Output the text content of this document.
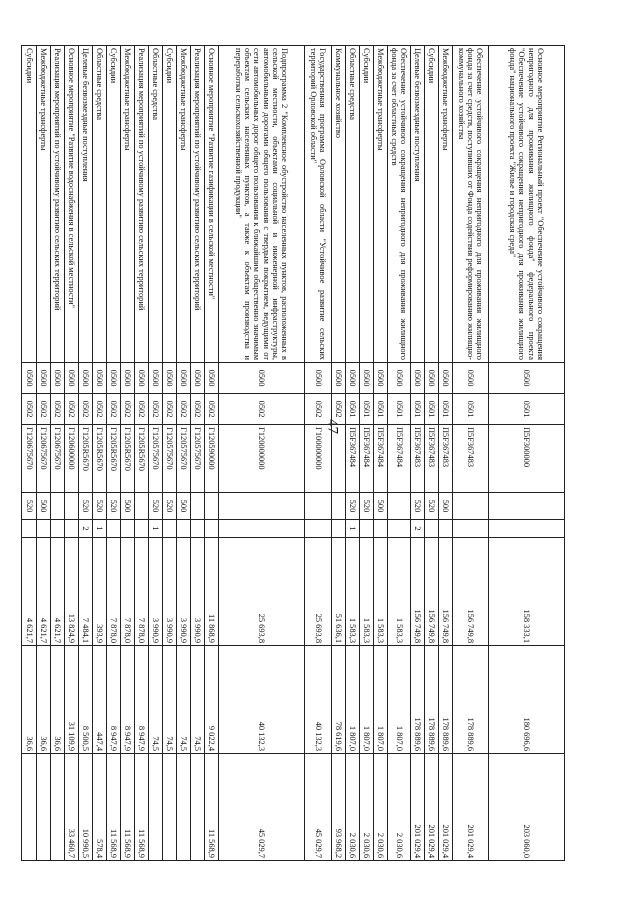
47
Основное мероприятие Региональный проект "Обеспечение устойчивого сокращения непригодного для проживания жилищного фонда" федерального проекта "Обеспечение устойчивого сокращения непригодного для проживания жилищного фонда" национального проекта "Жилье и городская среда"	0500	0501	П5F300000			158 333,1	180 696,6	203 060,0
Обеспечение устойчивого сокращения непригодного для проживания жилищного фонда за счет средств, поступивших от Фонда содействия реформированию жилищно-коммунального хозяйства	0500	0501	П5F367483			156 749,8	178 889,6	201 029,4
Межбюджетные трансферты	0500	0501	П5F367483	500		156 749,8	178 889,6	201 029,4
Субсидии	0500	0501	П5F367483	520		156 749,8	178 889,6	201 029,4
Целевые безвозмездные поступления	0500	0501	П5F367483	520	2	156 749,8	178 889,6	201 029,4
Обеспечение устойчивого сокращения непригодного для проживания жилищного фонда за счет областных средств	0500	0501	П5F367484			1 583,3	1 807,0	2 030,6
Межбюджетные трансферты	0500	0501	П5F367484	500		1 583,3	1 807,0	2 030,6
Субсидии	0500	0501	П5F367484	520		1 583,3	1 807,0	2 030,6
Областные средства	0500	0501	П5F367484	520	1	1 583,3	1 807,0	2 030,6
Коммунальное хозяйство	0500	0502				51 636,1	78 619,6	93 968,2
Государственная программа Орловской области "Устойчивое развитие сельских территорий Орловской области"	0500	0502	Г100000000			25 693,8	40 132,3	45 029,7
Подпрограмма 2 "Комплексное обустройство населенных пунктов, расположенных в сельской местности, объектами социальной и инженерной инфраструктуры, автомобильными дорогами общего пользования с твердым покрытием, ведущими от сети автомобильных дорог общего пользования к ближайшим общественно значимым объектам сельских населенных пунктов, а также к объектам производства и переработки сельскохозяйственной продукции"	0500	0502	Г120000000			25 693,8	40 132,3	45 029,7
Основное мероприятие "Развитие газификации в сельской местности"	0500	0502	Г120590000			11 868,9	9 022,4	11 568,9
Реализация мероприятий по устойчивому развитию сельских территорий	0500	0502	Г120575670			3 990,9	74,5	
Межбюджетные трансферты	0500	0502	Г120575670	500		3 990,9	74,5	
Субсидии	0500	0502	Г120575670	520		3 990,9	74,5	
Областные средства	0500	0502	Г120575670	520	1	3 990,9	74,5	
Реализация мероприятий по устойчивому развитию сельских территорий	0500	0502	Г1205R5670			7 878,0	8 947,9	11 568,9
Межбюджетные трансферты	0500	0502	Г1205R5670	500		7 878,0	8 947,9	11 568,9
Субсидии	0500	0502	Г1205R5670	520		7 878,0	8 947,9	11 568,9
Областные средства	0500	0502	Г1205R5670	520	1	393,9	447,4	578,4
Целевые безвозмездные поступления	0500	0502	Г1205R5670	520	2	7 484,1	8 500,5	10 990,5
Основное мероприятие "Развитие водоснабжения в сельской местности"	0500	0502	Г120600000			13 824,9	31 109,9	33 460,7
Реализация мероприятий по устойчивому развитию сельских территорий	0500	0502	Г120675670			4 621,7	36,6	
Межбюджетные трансферты	0500	0502	Г120675670	500		4 621,7	36,6	
Субсидии	0500	0502	Г120675670	520		4 621,7	36,6	
